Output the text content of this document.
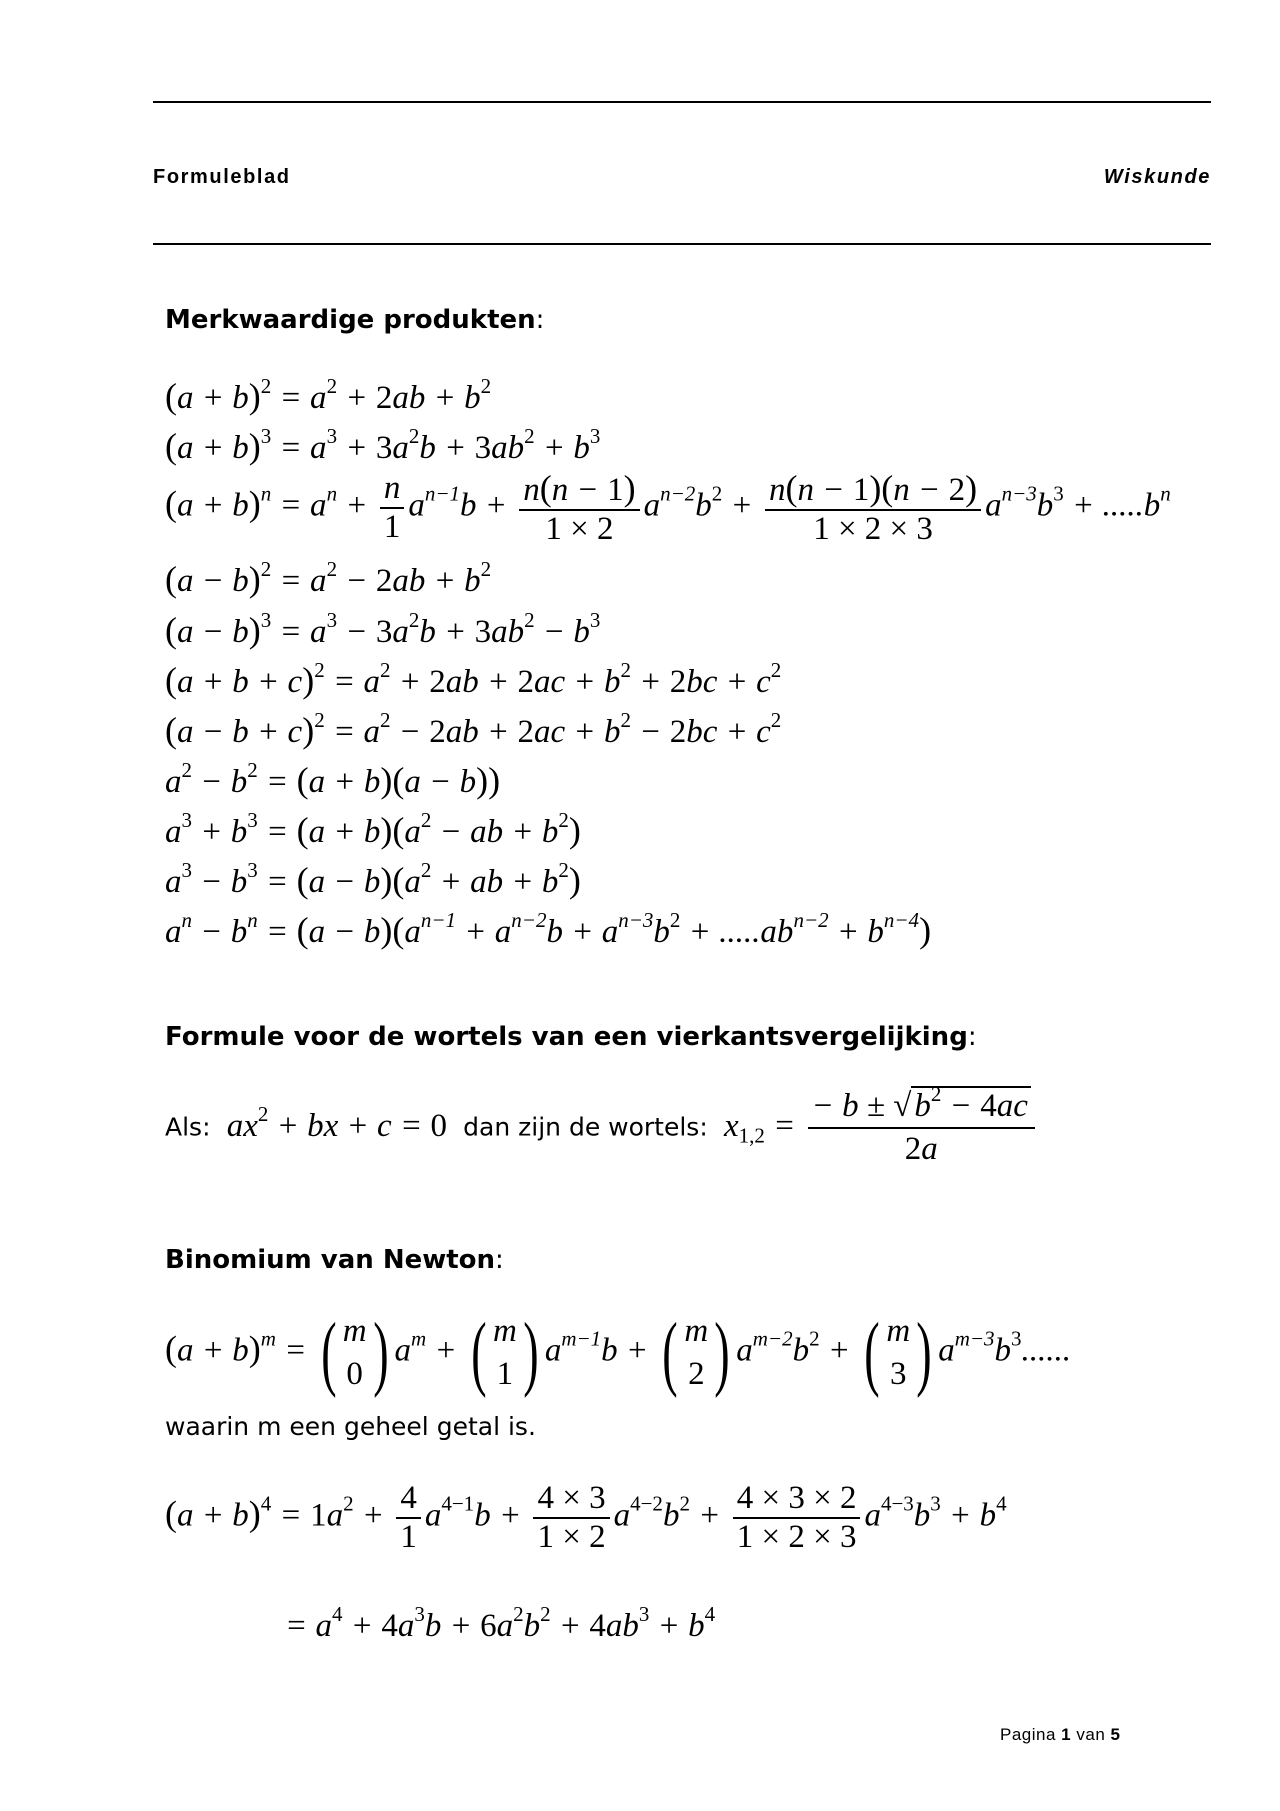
Formuleblad	Wiskunde
Merkwaardige produkten:
$(a + b)^2 = a^2 + 2ab + b^2$
$(a + b)^3 = a^3 + 3a^2b + 3ab^2 + b^3$
$(a + b)^n = a^n + \frac{n}{1} a^{n-1}b + \frac{n(n - 1)}{1 \times 2} a^{n-2}b^2 + \frac{n(n - 1)(n - 2)}{1 \times 2 \times 3} a^{n-3}b^3 + .....b^n$
$(a - b)^2 = a^2 - 2ab + b^2$
$(a - b)^3 = a^3 - 3a^2b + 3ab^2 - b^3$
$(a + b + c)^2 = a^2 + 2ab + 2ac + b^2 + 2bc + c^2$
$(a - b + c)^2 = a^2 - 2ab + 2ac + b^2 - 2bc + c^2$
$a^2 - b^2 = (a + b)(a - b)$)
$a^3 + b^3 = (a + b)(a^2$ − ab + $b^2$)
$a^3 - b^3 = (a - b)(a^2$ + ab + $b^2$)
$a^n - b^n = (a - b)(a^{n-1} + a^{n-2}b + a^{n-3}b^2 + .....ab^{n-2} + b^{n-4})$
Formule voor de wortels van een vierkantsvergelijking:
Als:  $ax^2$ + bx + c = 0 dan zijn de wortels:  $x_{1,2} = \frac{- b \pm √b^2 - 4ac}{2a}$
Binomium van Newton:
$(a + b)^m$ = ( m
0 ) $a^m$ + ( m
1 ) $a^{m-1}b$ + ( m
2 ) $a^{m-2}b^2$ + ( m
3 ) $a^{m-3}b^3$......
waarin m een geheel getal is.
$(a + b)^4 = 1a^2 + \frac{4}{1} a^{4-1}b + \frac{4 \times 3}{1 \times 2} a^{4-2}b^2 + \frac{4 \times 3 \times 2}{1 \times 2 \times 3} a^{4-3}b^3 + b^4$
= $a^4 + 4a^3b + 6a^2b^2 + 4ab^3 + b^4$
Pagina 1 van 5
